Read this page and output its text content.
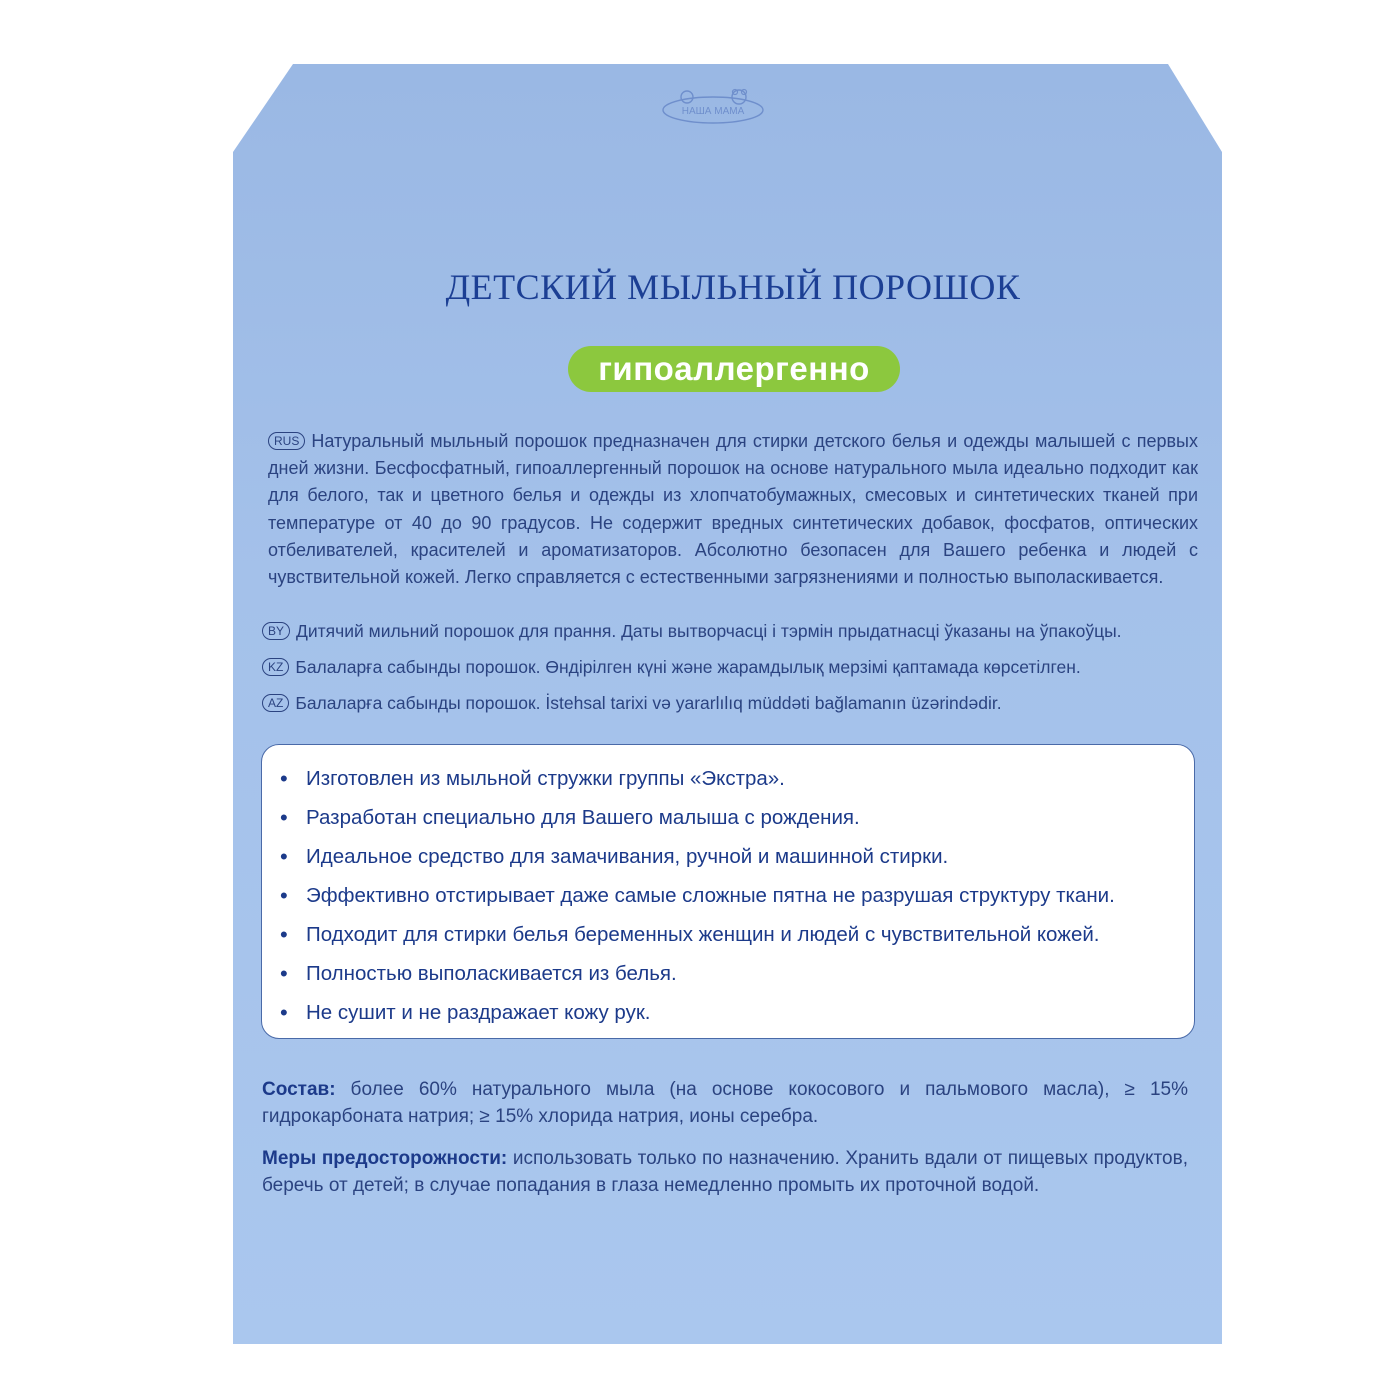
НАША МАМА
ДЕТСКИЙ МЫЛЬНЫЙ ПОРОШОК
гипоаллергенно
RUS Натуральный мыльный порошок предназначен для стирки детского белья и одежды малышей с первых дней жизни. Бесфосфатный, гипоаллергенный порошок на основе натурального мыла идеально подходит как для белого, так и цветного белья и одежды из хлопчатобумажных, смесовых и синтетических тканей при температуре от 40 до 90 градусов. Не содержит вредных синтетических добавок, фосфатов, оптических отбеливателей, красителей и ароматизаторов. Абсолютно безопасен для Вашего ребенка и людей с чувствительной кожей. Легко справляется с естественными загрязнениями и полностью выполаскивается.
BY Дитячий мильний порошок для прання. Даты вытворчасці і тэрмін прыдатнасці ўказаны на ўпакоўцы.
KZ Балаларға сабынды порошок. Өндірілген күні және жарамдылық мерзімі қаптамада көрсетілген.
AZ Балаларға сабынды порошок. İstehsal tarixi və yararlılıq müddəti bağlamanın üzərindədir.
• Изготовлен из мыльной стружки группы «Экстра».
• Разработан специально для Вашего малыша с рождения.
• Идеальное средство для замачивания, ручной и машинной стирки.
• Эффективно отстирывает даже самые сложные пятна не разрушая структуру ткани.
• Подходит для стирки белья беременных женщин и людей с чувствительной кожей.
• Полностью выполаскивается из белья.
• Не сушит и не раздражает кожу рук.
Состав: более 60% натурального мыла (на основе кокосового и пальмового масла), ≥ 15% гидрокарбоната натрия; ≥ 15% хлорида натрия, ионы серебра.
Меры предосторожности: использовать только по назначению. Хранить вдали от пищевых продуктов, беречь от детей; в случае попадания в глаза немедленно промыть их проточной водой.
